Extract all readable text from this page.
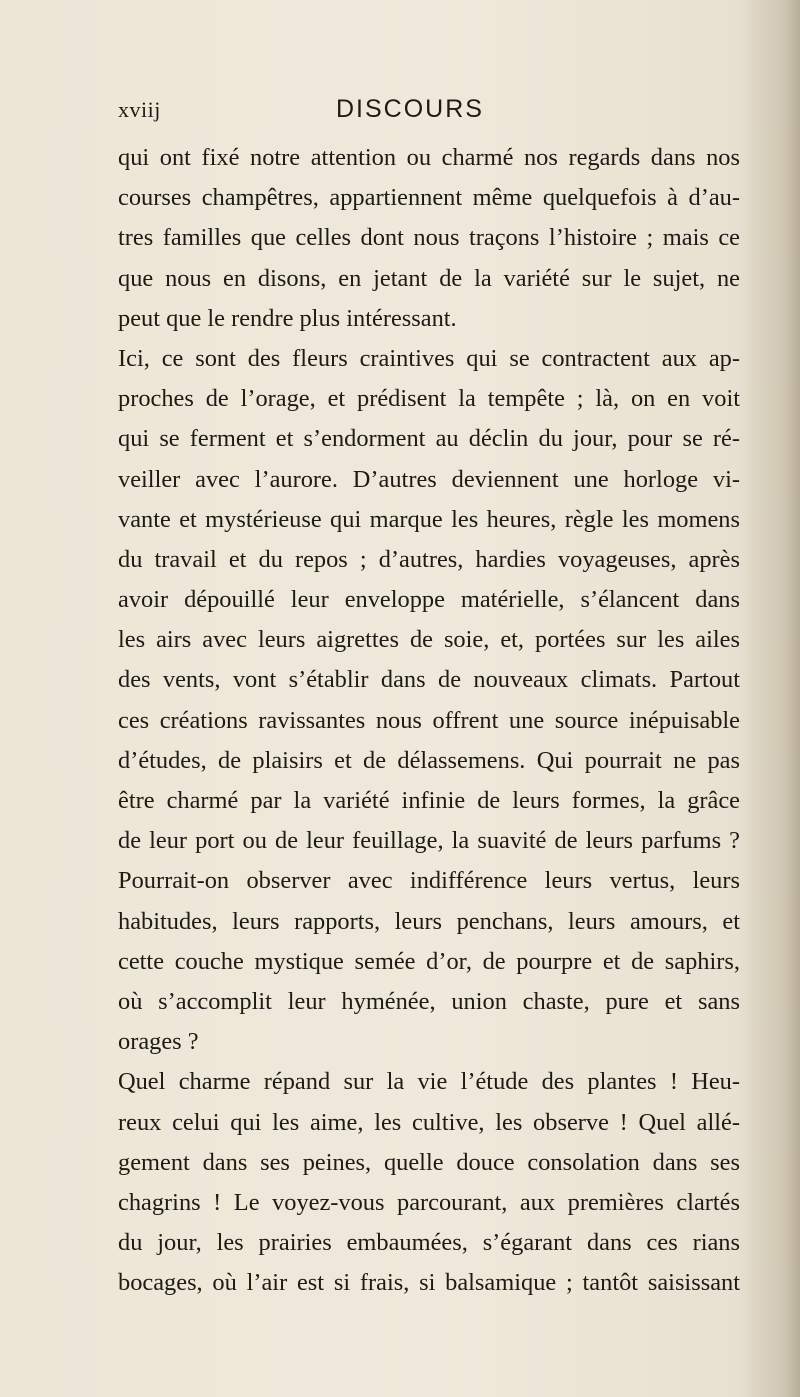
xviij	DISCOURS
qui ont fixé notre attention ou charmé nos regards dans nos
courses champêtres, appartiennent même quelquefois à d’au-
tres familles que celles dont nous traçons l’histoire ; mais ce
que nous en disons, en jetant de la variété sur le sujet, ne
peut que le rendre plus intéressant.
Ici, ce sont des fleurs craintives qui se contractent aux ap-
proches de l’orage, et prédisent la tempête ; là, on en voit
qui se ferment et s’endorment au déclin du jour, pour se ré-
veiller avec l’aurore. D’autres deviennent une horloge vi-
vante et mystérieuse qui marque les heures, règle les momens
du travail et du repos ; d’autres, hardies voyageuses, après
avoir dépouillé leur enveloppe matérielle, s’élancent dans
les airs avec leurs aigrettes de soie, et, portées sur les ailes
des vents, vont s’établir dans de nouveaux climats. Partout
ces créations ravissantes nous offrent une source inépuisable
d’études, de plaisirs et de délassemens. Qui pourrait ne pas
être charmé par la variété infinie de leurs formes, la grâce
de leur port ou de leur feuillage, la suavité de leurs parfums ?
Pourrait-on observer avec indifférence leurs vertus, leurs
habitudes, leurs rapports, leurs penchans, leurs amours, et
cette couche mystique semée d’or, de pourpre et de saphirs,
où s’accomplit leur hyménée, union chaste, pure et sans
orages ?
Quel charme répand sur la vie l’étude des plantes ! Heu-
reux celui qui les aime, les cultive, les observe ! Quel allé-
gement dans ses peines, quelle douce consolation dans ses
chagrins ! Le voyez-vous parcourant, aux premières clartés
du jour, les prairies embaumées, s’égarant dans ces rians
bocages, où l’air est si frais, si balsamique ; tantôt saisissant
